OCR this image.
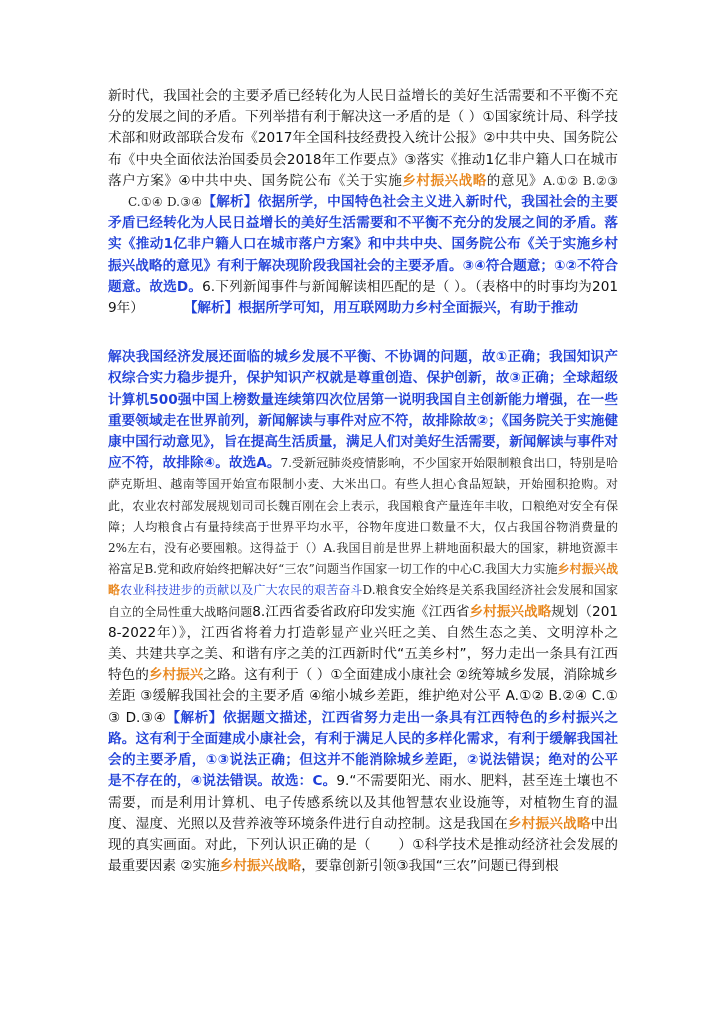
新时代，我国社会的主要矛盾已经转化为人民日益增长的美好生活需要和不平衡不充分的发展之间的矛盾。下列举措有利于解决这一矛盾的是（ ）①国家统计局、科学技术部和财政部联合发布《2017年全国科技经费投入统计公报》②中共中央、国务院公布《中央全面依法治国委员会2018年工作要点》③落实《推动1亿非户籍人口在城市落户方案》④中共中央、国务院公布《关于实施乡村振兴战略的意见》A.①② B.②③ C.①④ D.③④【解析】依据所学，中国特色社会主义进入新时代，我国社会的主要矛盾已经转化为人民日益增长的美好生活需要和不平衡不充分的发展之间的矛盾。落实《推动1亿非户籍人口在城市落户方案》和中共中央、国务院公布《关于实施乡村振兴战略的意见》有利于解决现阶段我国社会的主要矛盾。③④符合题意；①②不符合题意。故选D。6.下列新闻事件与新闻解读相匹配的是（ ）。（表格中的时事均为2019年）	【解析】根据所学可知，用互联网助力乡村全面振兴，有助于推动
解决我国经济发展还面临的城乡发展不平衡、不协调的问题，故①正确；我国知识产权综合实力稳步提升，保护知识产权就是尊重创造、保护创新，故③正确；全球超级计算机500强中国上榜数量连续第四次位居第一说明我国自主创新能力增强，在一些重要领域走在世界前列，新闻解读与事件对应不符，故排除故②；《国务院关于实施健康中国行动意见》，旨在提高生活质量，满足人们对美好生活需要，新闻解读与事件对应不符，故排除④。故选A。7.受新冠肺炎疫情影响，不少国家开始限制粮食出口，特别是哈萨克斯坦、越南等国开始宣布限制小麦、大米出口。有些人担心食品短缺，开始囤积抢购。对此，农业农村部发展规划司司长魏百刚在会上表示，我国粮食产量连年丰收，口粮绝对安全有保障；人均粮食占有量持续高于世界平均水平，谷物年度进口数量不大，仅占我国谷物消费量的2%左右，没有必要囤粮。这得益于（）A.我国目前是世界上耕地面积最大的国家，耕地资源丰裕富足B.党和政府始终把解决好“三农”问题当作国家一切工作的中心C.我国大力实施乡村振兴战略农业科技进步的贡献以及广大农民的艰苦奋斗D.粮食安全始终是关系我国经济社会发展和国家自立的全局性重大战略问题8.江西省委省政府印发实施《江西省乡村振兴战略规划（2018-2022年）》，江西省将着力打造彰显产业兴旺之美、自然生态之美、文明淳朴之美、共建共享之美、和谐有序之美的江西新时代“五美乡村”，努力走出一条具有江西特色的乡村振兴之路。这有利于（ ）①全面建成小康社会 ②统筹城乡发展，消除城乡差距 ③缓解我国社会的主要矛盾 ④缩小城乡差距，维护绝对公平 A.①② B.②④ C.①③ D.③④【解析】依据题文描述，江西省努力走出一条具有江西特色的乡村振兴之路。这有利于全面建成小康社会，有利于满足人民的多样化需求，有利于缓解我国社会的主要矛盾，①③说法正确；但这并不能消除城乡差距，②说法错误；绝对的公平是不存在的，④说法错误。故选：C。9.“不需要阳光、雨水、肥料，甚至连土壤也不需要，而是利用计算机、电子传感系统以及其他智慧农业设施等，对植物生育的温度、湿度、光照以及营养液等环境条件进行自动控制。这是我国在乡村振兴战略中出现的真实画面。对此，下列认识正确的是（　　）①科学技术是推动经济社会发展的最重要因素 ②实施乡村振兴战略，要靠创新引领③我国“三农”问题已得到根
